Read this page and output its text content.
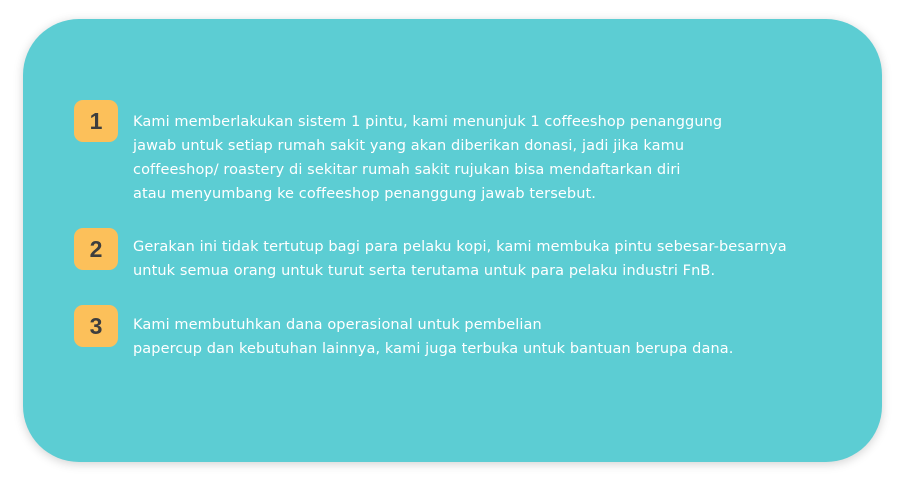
1	Kami memberlakukan sistem 1 pintu, kami menunjuk 1 coffeeshop penanggung
jawab untuk setiap rumah sakit yang akan diberikan donasi, jadi jika kamu
coffeeshop/ roastery di sekitar rumah sakit rujukan bisa mendaftarkan diri
atau menyumbang ke coffeeshop penanggung jawab tersebut.
2	Gerakan ini tidak tertutup bagi para pelaku kopi, kami membuka pintu sebesar-besarnya
untuk semua orang untuk turut serta terutama untuk para pelaku industri FnB.
3	Kami membutuhkan dana operasional untuk pembelian
papercup dan kebutuhan lainnya, kami juga terbuka untuk bantuan berupa dana.
